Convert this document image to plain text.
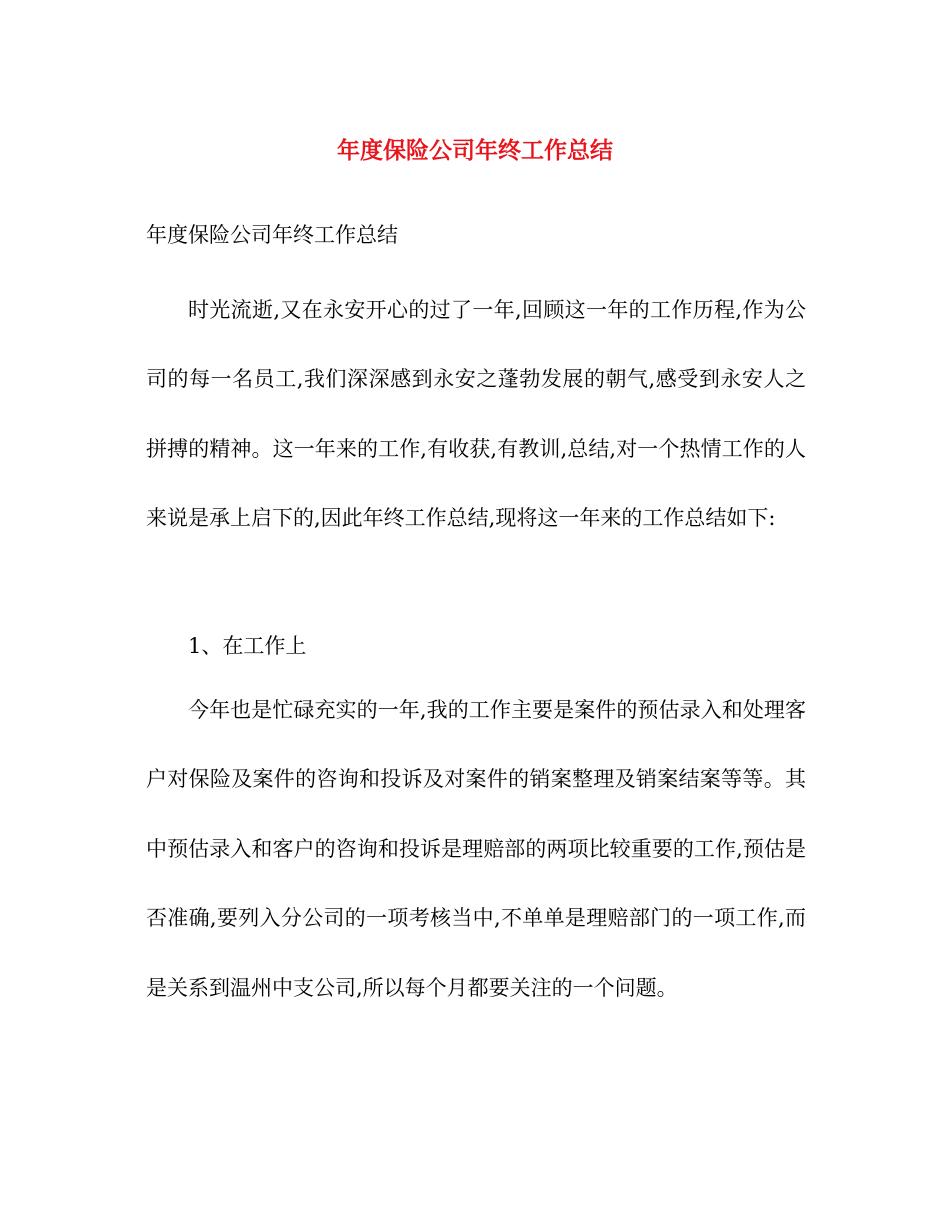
年度保险公司年终工作总结

年度保险公司年终工作总结

时光流逝,又在永安开心的过了一年,回顾这一年的工作历程,作为公司的每一名员工,我们深深感到永安之蓬勃发展的朝气,感受到永安人之拼搏的精神。这一年来的工作,有收获,有教训,总结,对一个热情工作的人来说是承上启下的,因此年终工作总结,现将这一年来的工作总结如下:

1、在工作上

今年也是忙碌充实的一年,我的工作主要是案件的预估录入和处理客户对保险及案件的咨询和投诉及对案件的销案整理及销案结案等等。其中预估录入和客户的咨询和投诉是理赔部的两项比较重要的工作,预估是否准确,要列入分公司的一项考核当中,不单单是理赔部门的一项工作,而是关系到温州中支公司,所以每个月都要关注的一个问题。
